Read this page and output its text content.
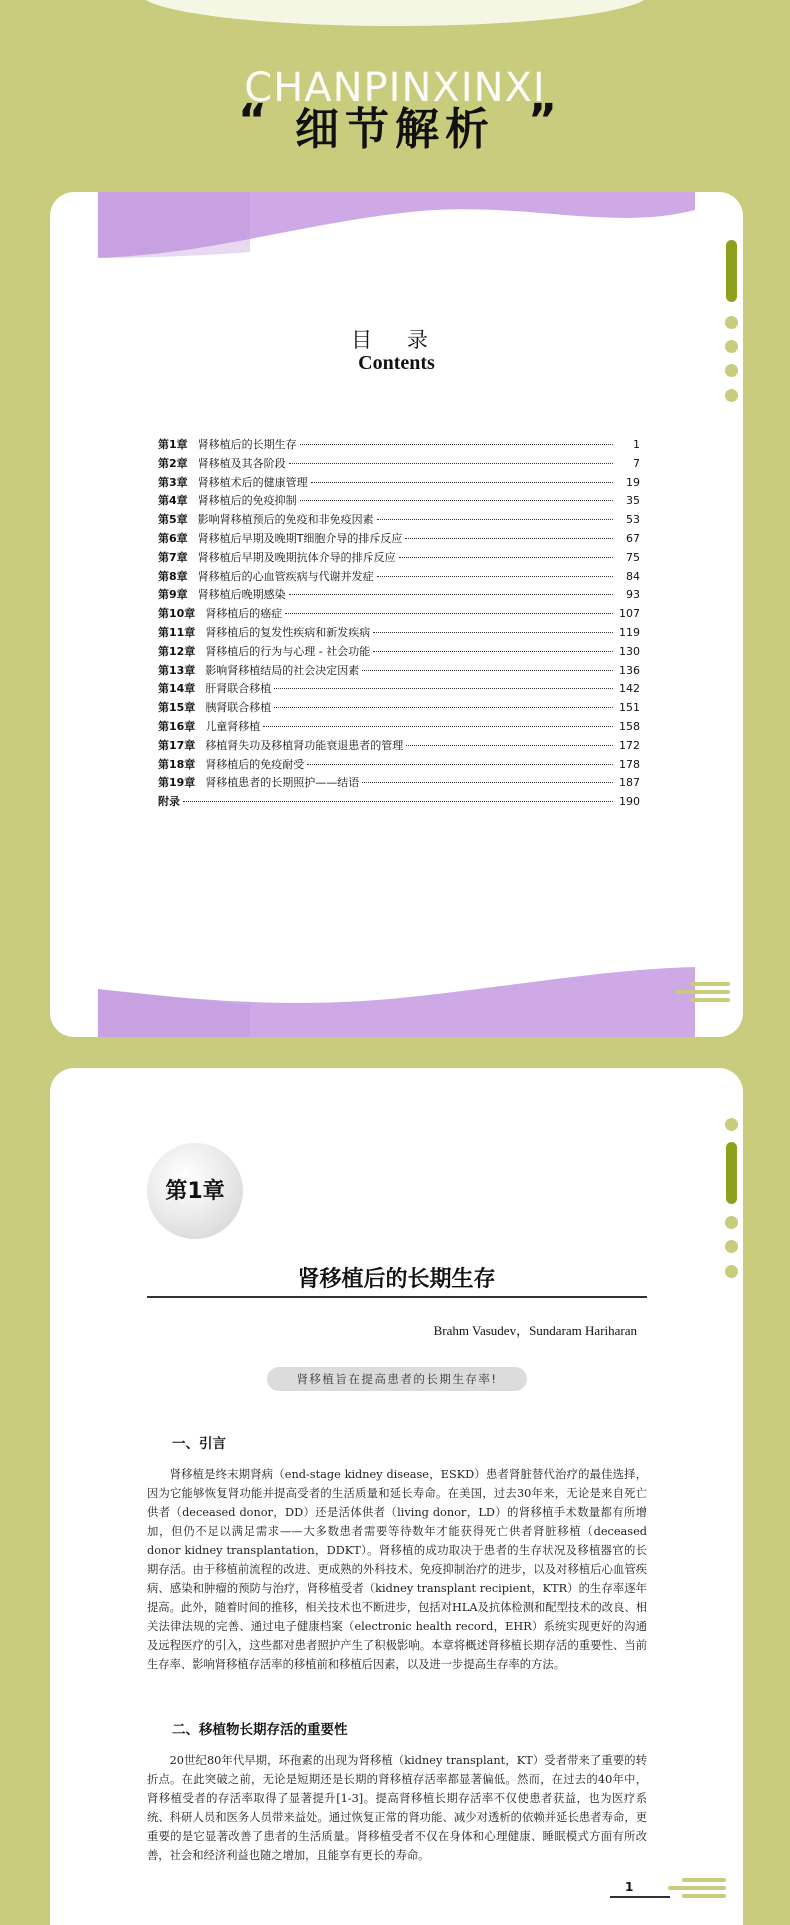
CHANPINXINXI
“ 细节解析 ”
目 录
Contents
第1章 肾移植后的长期生存	1
第2章 肾移植及其各阶段	7
第3章 肾移植术后的健康管理	19
第4章 肾移植后的免疫抑制	35
第5章 影响肾移植预后的免疫和非免疫因素	53
第6章 肾移植后早期及晚期T细胞介导的排斥反应	67
第7章 肾移植后早期及晚期抗体介导的排斥反应	75
第8章 肾移植后的心血管疾病与代谢并发症	84
第9章 肾移植后晚期感染	93
第10章 肾移植后的癌症	107
第11章 肾移植后的复发性疾病和新发疾病	119
第12章 肾移植后的行为与心理 - 社会功能	130
第13章 影响肾移植结局的社会决定因素	136
第14章 肝肾联合移植	142
第15章 胰肾联合移植	151
第16章 儿童肾移植	158
第17章 移植肾失功及移植肾功能衰退患者的管理	172
第18章 肾移植后的免疫耐受	178
第19章 肾移植患者的长期照护——结语	187
附录	190
第1章
肾移植后的长期生存
Brahm Vasudev，Sundaram Hariharan
肾移植旨在提高患者的长期生存率!
一、引言
肾移植是终末期肾病（end-stage kidney disease，ESKD）患者肾脏替代治疗的最佳选择，因为它能够恢复肾功能并提高受者的生活质量和延长寿命。在美国，过去30年来，无论是来自死亡供者（deceased donor，DD）还是活体供者（living donor，LD）的肾移植手术数量都有所增加，但仍不足以满足需求——大多数患者需要等待数年才能获得死亡供者肾脏移植（deceased donor kidney transplantation，DDKT）。肾移植的成功取决于患者的生存状况及移植器官的长期存活。由于移植前流程的改进、更成熟的外科技术、免疫抑制治疗的进步，以及对移植后心血管疾病、感染和肿瘤的预防与治疗，肾移植受者（kidney transplant recipient，KTR）的生存率逐年提高。此外，随着时间的推移，相关技术也不断进步，包括对HLA及抗体检测和配型技术的改良、相关法律法规的完善、通过电子健康档案（electronic health record，EHR）系统实现更好的沟通及远程医疗的引入，这些都对患者照护产生了积极影响。本章将概述肾移植长期存活的重要性、当前生存率、影响肾移植存活率的移植前和移植后因素，以及进一步提高生存率的方法。
二、移植物长期存活的重要性
20世纪80年代早期，环孢素的出现为肾移植（kidney transplant，KT）受者带来了重要的转折点。在此突破之前，无论是短期还是长期的肾移植存活率都显著偏低。然而，在过去的40年中，肾移植受者的存活率取得了显著提升[1-3]。提高肾移植长期存活率不仅使患者获益，也为医疗系统、科研人员和医务人员带来益处。通过恢复正常的肾功能、减少对透析的依赖并延长患者寿命，更重要的是它显著改善了患者的生活质量。肾移植受者不仅在身体和心理健康、睡眠模式方面有所改善，社会和经济利益也随之增加，且能享有更长的寿命。
1
